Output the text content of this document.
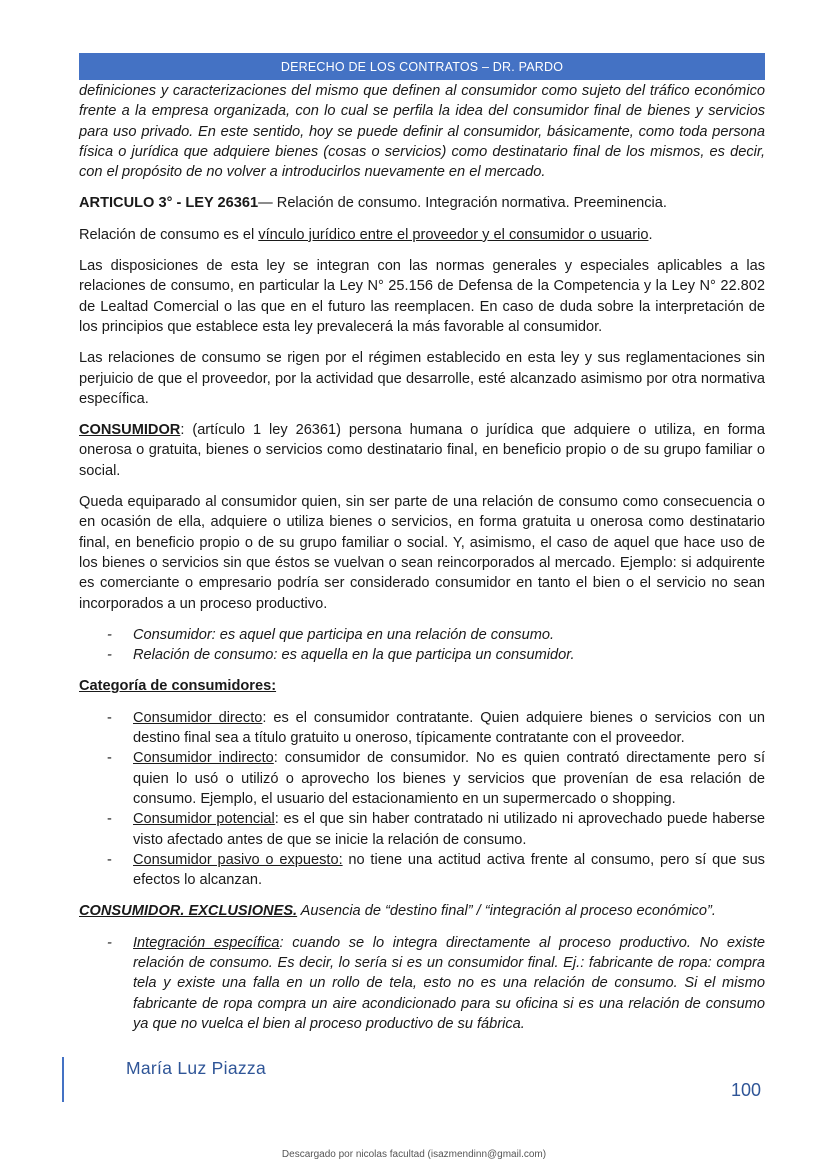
DERECHO DE LOS CONTRATOS – DR. PARDO

definiciones y caracterizaciones del mismo que definen al consumidor como sujeto del tráfico económico frente a la empresa organizada, con lo cual se perfila la idea del consumidor final de bienes y servicios para uso privado. En este sentido, hoy se puede definir al consumidor, básicamente, como toda persona física o jurídica que adquiere bienes (cosas o servicios) como destinatario final de los mismos, es decir, con el propósito de no volver a introducirlos nuevamente en el mercado.

ARTICULO 3° - LEY 26361— Relación de consumo. Integración normativa. Preeminencia.

Relación de consumo es el vínculo jurídico entre el proveedor y el consumidor o usuario.

Las disposiciones de esta ley se integran con las normas generales y especiales aplicables a las relaciones de consumo, en particular la Ley N° 25.156 de Defensa de la Competencia y la Ley N° 22.802 de Lealtad Comercial o las que en el futuro las reemplacen. En caso de duda sobre la interpretación de los principios que establece esta ley prevalecerá la más favorable al consumidor.

Las relaciones de consumo se rigen por el régimen establecido en esta ley y sus reglamentaciones sin perjuicio de que el proveedor, por la actividad que desarrolle, esté alcanzado asimismo por otra normativa específica.

CONSUMIDOR: (artículo 1 ley 26361) persona humana o jurídica que adquiere o utiliza, en forma onerosa o gratuita, bienes o servicios como destinatario final, en beneficio propio o de su grupo familiar o social.

Queda equiparado al consumidor quien, sin ser parte de una relación de consumo como consecuencia o en ocasión de ella, adquiere o utiliza bienes o servicios, en forma gratuita u onerosa como destinatario final, en beneficio propio o de su grupo familiar o social. Y, asimismo, el caso de aquel que hace uso de los bienes o servicios sin que éstos se vuelvan o sean reincorporados al mercado. Ejemplo: si adquirente es comerciante o empresario podría ser considerado consumidor en tanto el bien o el servicio no sean incorporados a un proceso productivo.

- Consumidor: es aquel que participa en una relación de consumo.
- Relación de consumo: es aquella en la que participa un consumidor.

Categoría de consumidores:

- Consumidor directo: es el consumidor contratante. Quien adquiere bienes o servicios con un destino final sea a título gratuito u oneroso, típicamente contratante con el proveedor.
- Consumidor indirecto: consumidor de consumidor. No es quien contrató directamente pero sí quien lo usó o utilizó o aprovecho los bienes y servicios que provenían de esa relación de consumo. Ejemplo, el usuario del estacionamiento en un supermercado o shopping.
- Consumidor potencial: es el que sin haber contratado ni utilizado ni aprovechado puede haberse visto afectado antes de que se inicie la relación de consumo.
- Consumidor pasivo o expuesto: no tiene una actitud activa frente al consumo, pero sí que sus efectos lo alcanzan.

CONSUMIDOR. EXCLUSIONES. Ausencia de “destino final” / “integración al proceso económico”.

- Integración específica: cuando se lo integra directamente al proceso productivo. No existe relación de consumo. Es decir, lo sería si es un consumidor final. Ej.: fabricante de ropa: compra tela y existe una falla en un rollo de tela, esto no es una relación de consumo. Si el mismo fabricante de ropa compra un aire acondicionado para su oficina si es una relación de consumo ya que no vuelca el bien al proceso productivo de su fábrica.
María Luz Piazza
100
Descargado por nicolas facultad (isazmendinn@gmail.com)
